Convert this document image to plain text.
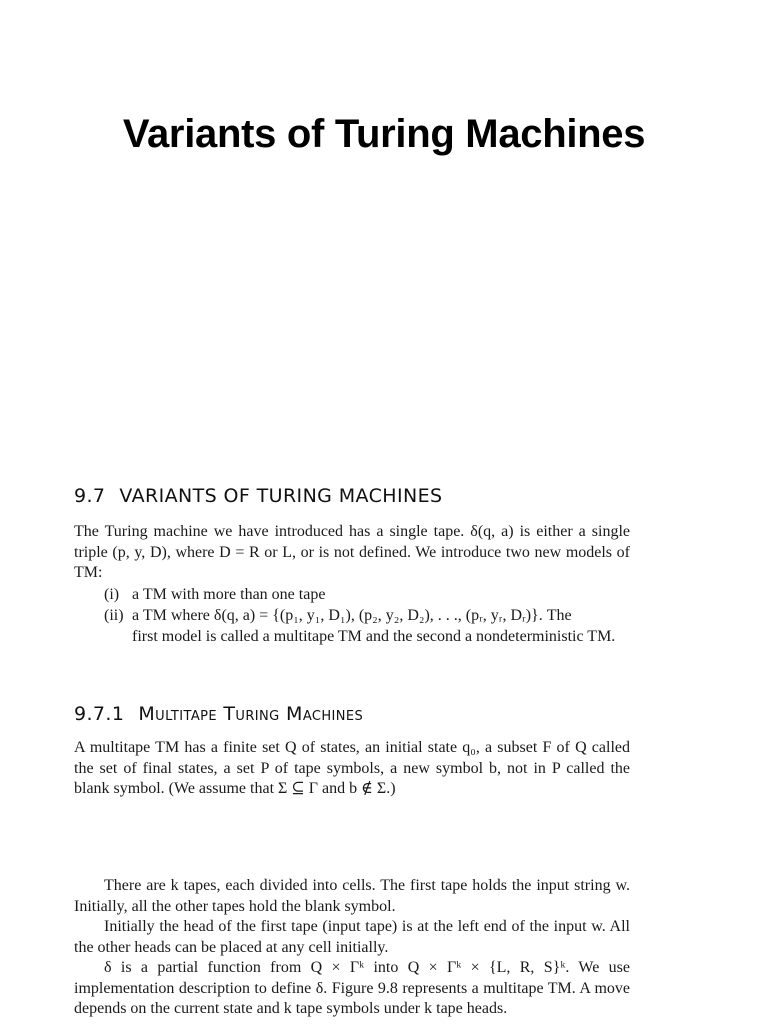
Variants of Turing Machines
9.7 VARIANTS OF TURING MACHINES

The Turing machine we have introduced has a single tape. δ(q, a) is either a single triple (p, y, D), where D = R or L, or is not defined. We introduce two new models of TM:

(i) a TM with more than one tape
(ii) a TM where δ(q, a) = {(p₁, y₁, D₁), (p₂, y₂, D₂), . . ., (pᵣ, yᵣ, Dᵣ)}. The

first model is called a multitape TM and the second a nondeterministic TM.

9.7.1 Multitape Turing Machines

A multitape TM has a finite set Q of states, an initial state q₀, a subset F of Q called the set of final states, a set P of tape symbols, a new symbol b, not in P called the blank symbol. (We assume that Σ ⊆ Γ and b ∉ Σ.)

There are k tapes, each divided into cells. The first tape holds the input string w. Initially, all the other tapes hold the blank symbol.

Initially the head of the first tape (input tape) is at the left end of the input w. All the other heads can be placed at any cell initially.

δ is a partial function from Q × Γᵏ into Q × Γᵏ × {L, R, S}ᵏ. We use implementation description to define δ. Figure 9.8 represents a multitape TM. A move depends on the current state and k tape symbols under k tape heads.
